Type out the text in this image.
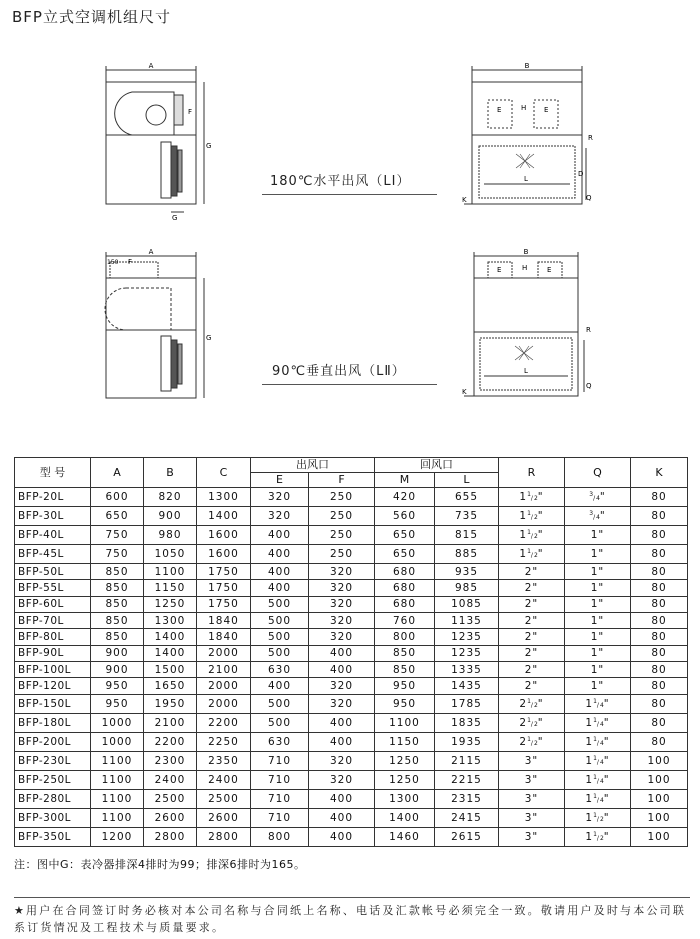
BFP立式空调机组尺寸
A
F
G
G
B
E	H	E
L
R
D
Q
K
180℃水平出风（LI）
A
150 F
G
B
E	H	E
L
R
Q
K
90℃垂直出风（LⅡ）
型 号	A	B	C	出风口		回风口		R	Q	K
				E	F	M	L			
BFP-20L	600	820	1300	320	250	420	655	$1^1/2$"	$^3$/4"	80
BFP-30L	650	900	1400	320	250	560	735	$1^1/2$"	$^3$/4"	80
BFP-40L	750	980	1600	400	250	650	815	$1^1/2$"	1"	80
BFP-45L	750	1050	1600	400	250	650	885	$1^1/2$"	1"	80
BFP-50L	850	1100	1750	400	320	680	935	2"	1"	80
BFP-55L	850	1150	1750	400	320	680	985	2"	1"	80
BFP-60L	850	1250	1750	500	320	680	1085	2"	1"	80
BFP-70L	850	1300	1840	500	320	760	1135	2"	1"	80
BFP-80L	850	1400	1840	500	320	800	1235	2"	1"	80
BFP-90L	900	1400	2000	500	400	850	1235	2"	1"	80
BFP-100L	900	1500	2100	630	400	850	1335	2"	1"	80
BFP-120L	950	1650	2000	400	320	950	1435	2"	1"	80
BFP-150L	950	1950	2000	500	320	950	1785	$2^1/2$"	$1^1/4$"	80
BFP-180L	1000	2100	2200	500	400	1100	1835	$2^1/2$"	$1^1/4$"	80
BFP-200L	1000	2200	2250	630	400	1150	1935	$2^1/2$"	$1^1/4$"	80
BFP-230L	1100	2300	2350	710	320	1250	2115	3"	$1^1/4$"	100
BFP-250L	1100	2400	2400	710	320	1250	2215	3"	$1^1/4$"	100
BFP-280L	1100	2500	2500	710	400	1300	2315	3"	$1^1/4$"	100
BFP-300L	1100	2600	2600	710	400	1400	2415	3"	$1^1/2$"	100
BFP-350L	1200	2800	2800	800	400	1460	2615	3"	$1^1/2$"	100
注：图中G：表冷器排深4排时为99；排深6排时为165。
★用户在合同签订时务必核对本公司名称与合同纸上名称、电话及汇款帐号必须完全一致。敬请用户及时与本公司联系订货情况及工程技术与质量要求。
